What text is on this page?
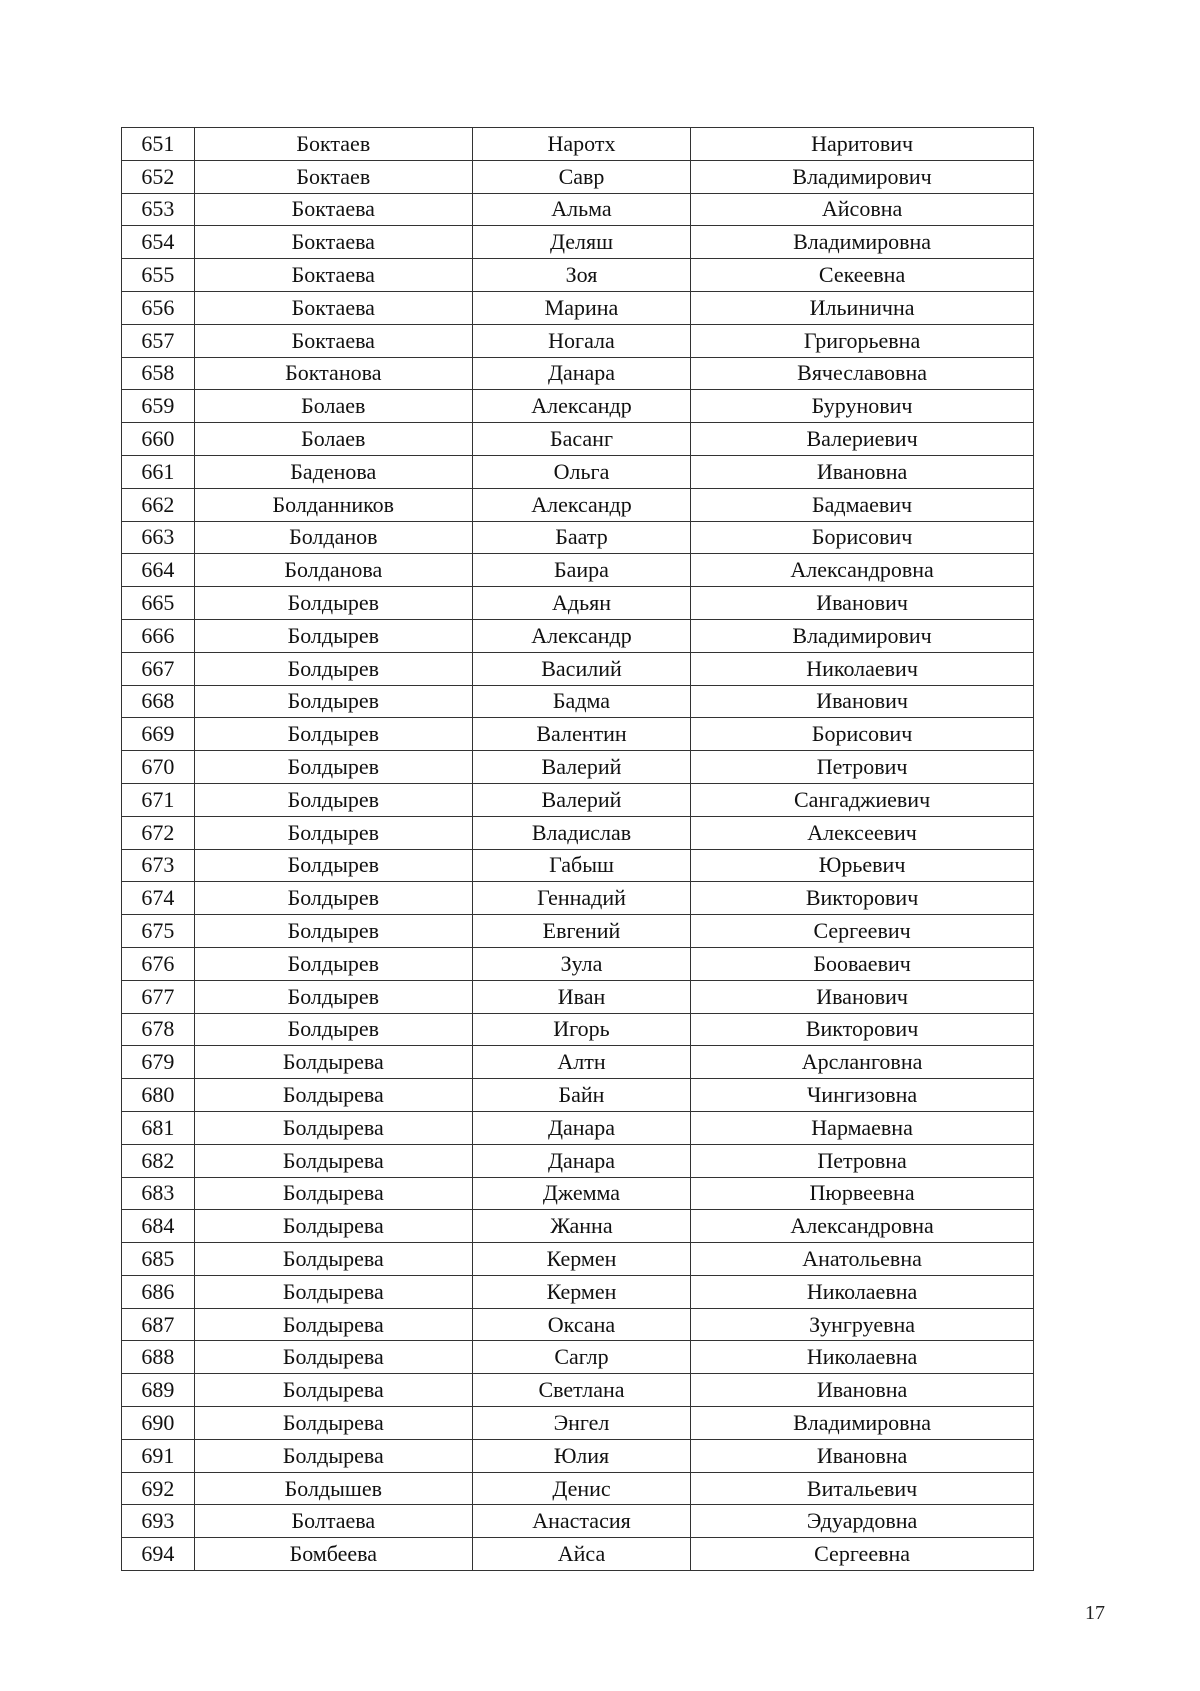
651	Боктаев	Наротх	Наритович
652	Боктаев	Савр	Владимирович
653	Боктаева	Альма	Айсовна
654	Боктаева	Деляш	Владимировна
655	Боктаева	Зоя	Секеевна
656	Боктаева	Марина	Ильинична
657	Боктаева	Ногала	Григорьевна
658	Боктанова	Данара	Вячеславовна
659	Болаев	Александр	Бурунович
660	Болаев	Басанг	Валериевич
661	Баденова	Ольга	Ивановна
662	Болданников	Александр	Бадмаевич
663	Болданов	Баатр	Борисович
664	Болданова	Баира	Александровна
665	Болдырев	Адьян	Иванович
666	Болдырев	Александр	Владимирович
667	Болдырев	Василий	Николаевич
668	Болдырев	Бадма	Иванович
669	Болдырев	Валентин	Борисович
670	Болдырев	Валерий	Петрович
671	Болдырев	Валерий	Сангаджиевич
672	Болдырев	Владислав	Алексеевич
673	Болдырев	Габыш	Юрьевич
674	Болдырев	Геннадий	Викторович
675	Болдырев	Евгений	Сергеевич
676	Болдырев	Зула	Бооваевич
677	Болдырев	Иван	Иванович
678	Болдырев	Игорь	Викторович
679	Болдырева	Алтн	Арсланговна
680	Болдырева	Байн	Чингизовна
681	Болдырева	Данара	Нармаевна
682	Болдырева	Данара	Петровна
683	Болдырева	Джемма	Пюрвеевна
684	Болдырева	Жанна	Александровна
685	Болдырева	Кермен	Анатольевна
686	Болдырева	Кермен	Николаевна
687	Болдырева	Оксана	Зунгруевна
688	Болдырева	Саглр	Николаевна
689	Болдырева	Светлана	Ивановна
690	Болдырева	Энгел	Владимировна
691	Болдырева	Юлия	Ивановна
692	Болдышев	Денис	Витальевич
693	Болтаева	Анастасия	Эдуардовна
694	Бомбеева	Айса	Сергеевна
17
